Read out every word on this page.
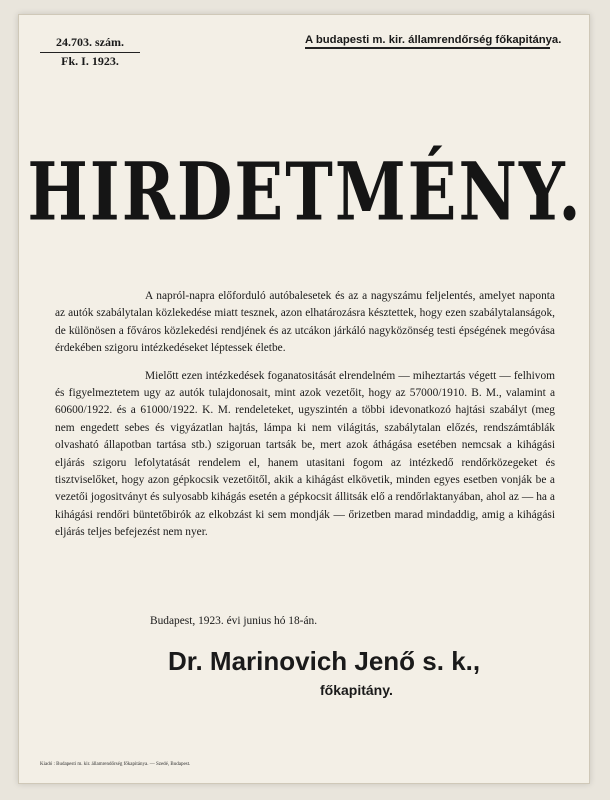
24.703. szám.
Fk. I. 1923.
A budapesti m. kir. államrendőrség főkapitánya.
HIRDETMÉNY.

A napról-napra előforduló autóbalesetek és az a nagyszámu feljelentés, amelyet naponta az autók szabálytalan közlekedése miatt tesznek, azon elhatározásra késztettek, hogy ezen szabálytalanságok, de különösen a főváros közlekedési rendjének és az utcákon járkáló nagyközönség testi épségének megóvása érdekében szigoru intézkedéseket léptessek életbe.

Mielőtt ezen intézkedések foganatositását elrendelném — miheztartás végett — felhivom és figyelmeztetem ugy az autók tulajdonosait, mint azok vezetőit, hogy az 57000/1910. B. M., valamint a 60600/1922. és a 61000/1922. K. M. rendeleteket, ugyszintén a többi idevonatkozó hajtási szabályt (meg nem engedett sebes és vigyázatlan hajtás, lámpa ki nem világitás, szabálytalan előzés, rendszámtáblák olvasható állapotban tartása stb.) szigoruan tartsák be, mert azok áthágása esetében nemcsak a kihágási eljárás szigoru lefolytatását rendelem el, hanem utasitani fogom az intézkedő rendőrközegeket és tisztviselőket, hogy azon gépkocsik vezetőitől, akik a kihágást elkövetik, minden egyes esetben vonják be a vezetői jogositványt és sulyosabb kihágás esetén a gépkocsit állitsák elő a rendőrlaktanyában, ahol az — ha a kihágási rendőri büntetőbirók az elkobzást ki sem mondják — őrizetben marad mindaddig, amig a kihágási eljárás teljes befejezést nem nyer.

Budapest, 1923. évi junius hó 18-án.
Dr. Marinovich Jenő s. k.,
főkapitány.
Kiadó : Budapesti m. kir. államrendőrség főkapitánya. — Szedé, Budapest.
